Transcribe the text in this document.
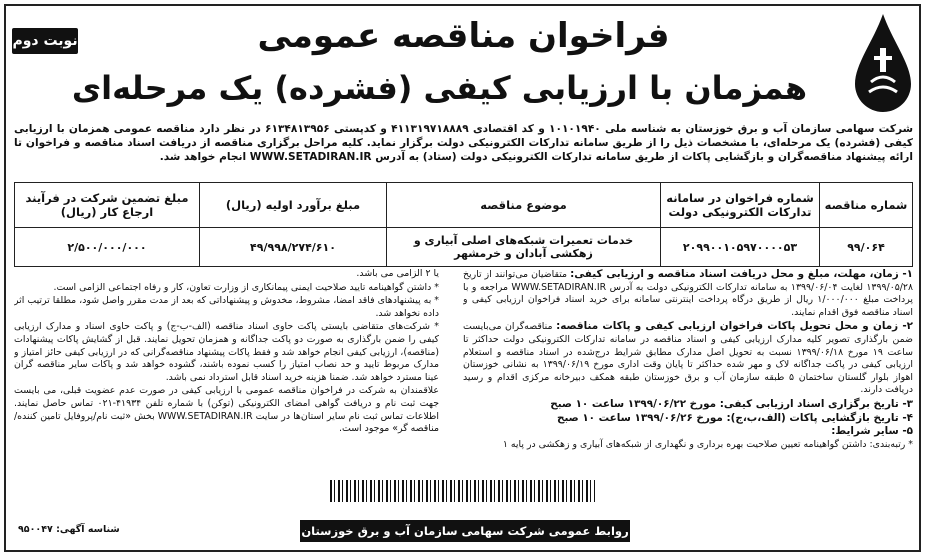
نوبت دوم	فراخوان مناقصه عمومی
همزمان با ارزیابی کیفی (فشرده) یک مرحله‌ای
شرکت سهامی سازمان آب و برق خوزستان به شناسه ملی ۱۰۱۰۱۹۴۰ و کد اقتصادی ۴۱۱۳۱۹۷۱۸۸۸۹ و کدپستی ۶۱۳۴۸۱۳۹۵۶ در نظر دارد مناقصه عمومی همزمان با ارزیابی کیفی (فشرده) یک مرحله‌ای، با مشخصات ذیل را از طریق سامانه تدارکات الکترونیکی دولت برگزار نماید. کلیه مراحل برگزاری مناقصه از دریافت اسناد مناقصه و فراخوان تا ارائه پیشنهاد مناقصه‌گران و بازگشایی پاکات از طریق سامانه تدارکات الکترونیکی دولت (ستاد) به آدرس WWW.SETADIRAN.IR انجام خواهد شد.
شماره مناقصه	شماره فراخوان در سامانه تدارکات الکترونیکی دولت	موضوع مناقصه	مبلغ برآورد اولیه (ریال)	مبلغ تضمین شرکت در فرآیند ارجاع کار (ریال)
۹۹/۰۶۴	۲۰۹۹۰۰۱۰۵۹۷۰۰۰۰۵۳	خدمات تعمیرات شبکه‌های اصلی آبیاری و زهکشی آبادان و خرمشهر	۴۹/۹۹۸/۲۷۴/۶۱۰	۲/۵۰۰/۰۰۰/۰۰۰

۱- زمان، مهلت، مبلغ و محل دریافت اسناد مناقصه و ارزیابی کیفی: متقاضیان می‌توانند از تاریخ ۱۳۹۹/۰۵/۲۸ لغایت ۱۳۹۹/۰۶/۰۴ به سامانه تدارکات الکترونیکی دولت به آدرس WWW.SETADIRAN.IR مراجعه و با پرداخت مبلغ ۱/۰۰۰/۰۰۰ ریال از طریق درگاه پرداخت اینترنتی سامانه برای خرید اسناد فراخوان ارزیابی کیفی و اسناد مناقصه فوق اقدام نمایند.

۲- زمان و محل تحویل پاکات فراخوان ارزیابی کیفی و پاکات مناقصه: مناقصه‌گران می‌بایست ضمن بارگذاری تصویر کلیه مدارک ارزیابی کیفی و اسناد مناقصه در سامانه تدارکات الکترونیکی دولت حداکثر تا ساعت ۱۹ مورخ ۱۳۹۹/۰۶/۱۸ نسبت به تحویل اصل مدارک مطابق شرایط درج‌شده در اسناد مناقصه و استعلام ارزیابی کیفی در پاکت جداگانه لاک و مهر شده حداکثر تا پایان وقت اداری مورخ ۱۳۹۹/۰۶/۱۹ به نشانی خوزستان اهواز بلوار گلستان ساختمان ۵ طبقه سازمان آب و برق خوزستان طبقه همکف دبیرخانه مرکزی اقدام و رسید دریافت دارند.

۳- تاریخ برگزاری اسناد ارزیابی کیفی: مورخ ۱۳۹۹/۰۶/۲۲ ساعت ۱۰ صبح

۴- تاریخ بازگشایی پاکات (الف،ب،ج): مورخ ۱۳۹۹/۰۶/۲۶ ساعت ۱۰ صبح

۵- سایر شرایط:

* رتبه‌بندی: داشتن گواهینامه تعیین صلاحیت بهره برداری و نگهداری از شبکه‌های آبیاری و زهکشی در پایه ۱

یا ۲ الزامی می باشد.

* داشتن گواهینامه تایید صلاحیت ایمنی پیمانکاری از وزارت تعاون، کار و رفاه اجتماعی الزامی است.

* به پیشنهادهای فاقد امضا، مشروط، مخدوش و پیشنهاداتی که بعد از مدت مقرر واصل شود، مطلقا ترتیب اثر داده نخواهد شد.

* شرکت‌های متقاضی بایستی پاکت حاوی اسناد مناقصه (الف-ب-ج) و پاکت حاوی اسناد و مدارک ارزیابی کیفی را ضمن بارگذاری به صورت دو پاکت جداگانه و همزمان تحویل نمایند. قبل از گشایش پاکات پیشنهادات (مناقصه)، ارزیابی کیفی انجام خواهد شد و فقط پاکات پیشنهاد مناقصه‌گرانی که در ارزیابی کیفی حائز امتیاز و مدارک مربوط تایید و حد نصاب امتیاز را کسب نموده باشند، گشوده خواهد شد و پاکات سایر مناقصه گران عینا مسترد خواهد شد. ضمنا هزینه خرید اسناد قابل استرداد نمی باشد.

علاقمندان به شرکت در فراخوان مناقصه عمومی با ارزیابی کیفی در صورت عدم عضویت قبلی، می بایست جهت ثبت نام و دریافت گواهی امضای الکترونیکی (توکن) با شماره تلفن ۴۱۹۳۴-۰۲۱ تماس حاصل نمایند. اطلاعات تماس ثبت نام سایر استان‌ها در سایت WWW.SETADIRAN.IR بخش «ثبت نام/پروفایل تامین کننده/مناقصه گر» موجود است.

روابط عمومی شرکت سهامی سازمان آب و برق خوزستان
شناسه آگهی: ۹۵۰۰۴۷
